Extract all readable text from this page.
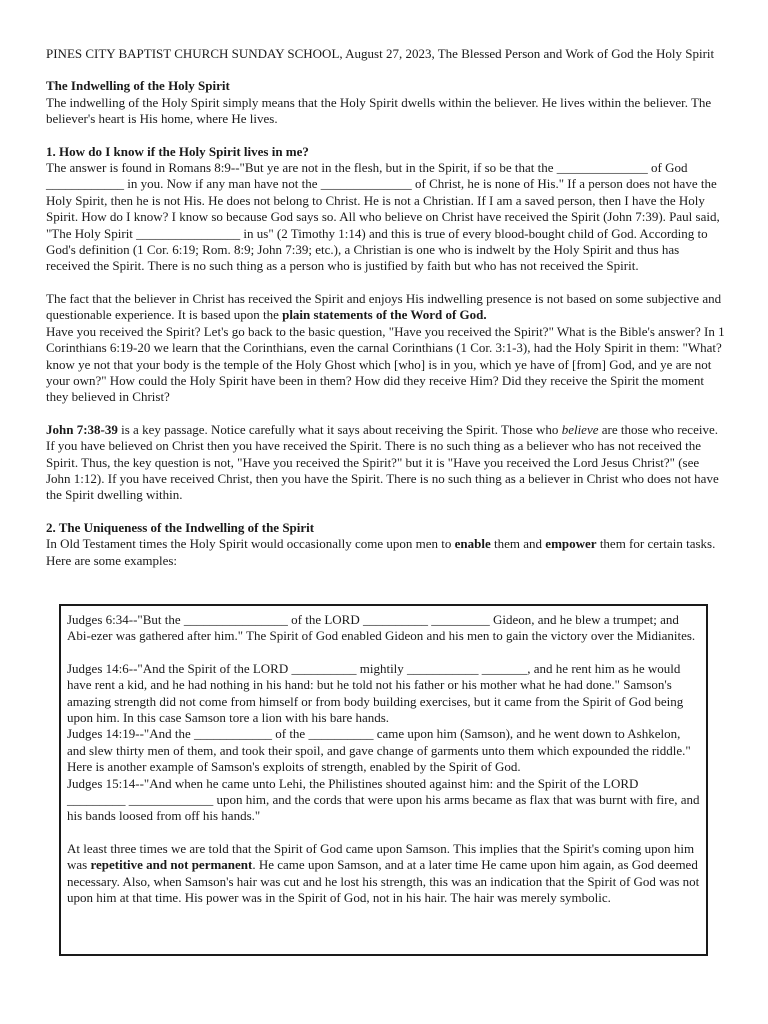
PINES CITY BAPTIST CHURCH SUNDAY SCHOOL, August 27, 2023, The Blessed Person and Work of God the Holy Spirit

The Indwelling of the Holy Spirit

The indwelling of the Holy Spirit simply means that the Holy Spirit dwells within the believer. He lives within the believer. The believer's heart is His home, where He lives.

1. How do I know if the Holy Spirit lives in me?

The answer is found in Romans 8:9--"But ye are not in the flesh, but in the Spirit, if so be that the ______________ of God ____________ in you. Now if any man have not the ______________ of Christ, he is none of His." If a person does not have the Holy Spirit, then he is not His. He does not belong to Christ. He is not a Christian. If I am a saved person, then I have the Holy Spirit. How do I know? I know so because God says so. All who believe on Christ have received the Spirit (John 7:39). Paul said, "The Holy Spirit ________________ in us" (2 Timothy 1:14) and this is true of every blood-bought child of God. According to God's definition (1 Cor. 6:19; Rom. 8:9; John 7:39; etc.), a Christian is one who is indwelt by the Holy Spirit and thus has received the Spirit. There is no such thing as a person who is justified by faith but who has not received the Spirit.

The fact that the believer in Christ has received the Spirit and enjoys His indwelling presence is not based on some subjective and questionable experience. It is based upon the plain statements of the Word of God.

Have you received the Spirit? Let's go back to the basic question, "Have you received the Spirit?" What is the Bible's answer? In 1 Corinthians 6:19-20 we learn that the Corinthians, even the carnal Corinthians (1 Cor. 3:1-3), had the Holy Spirit in them: "What? know ye not that your body is the temple of the Holy Ghost which [who] is in you, which ye have of [from] God, and ye are not your own?" How could the Holy Spirit have been in them? How did they receive Him? Did they receive the Spirit the moment they believed in Christ?

John 7:38-39 is a key passage. Notice carefully what it says about receiving the Spirit. Those who believe are those who receive. If you have believed on Christ then you have received the Spirit. There is no such thing as a believer who has not received the Spirit. Thus, the key question is not, "Have you received the Spirit?" but it is "Have you received the Lord Jesus Christ?" (see John 1:12). If you have received Christ, then you have the Spirit. There is no such thing as a believer in Christ who does not have the Spirit dwelling within.

2. The Uniqueness of the Indwelling of the Spirit

In Old Testament times the Holy Spirit would occasionally come upon men to enable them and empower them for certain tasks. Here are some examples:

Judges 6:34--"But the ________________ of the LORD __________ _________ Gideon, and he blew a trumpet; and Abi-ezer was gathered after him." The Spirit of God enabled Gideon and his men to gain the victory over the Midianites.

Judges 14:6--"And the Spirit of the LORD __________ mightily ___________ _______, and he rent him as he would have rent a kid, and he had nothing in his hand: but he told not his father or his mother what he had done." Samson's amazing strength did not come from himself or from body building exercises, but it came from the Spirit of God being upon him. In this case Samson tore a lion with his bare hands.

Judges 14:19--"And the ____________ of the __________ came upon him (Samson), and he went down to Ashkelon, and slew thirty men of them, and took their spoil, and gave change of garments unto them which expounded the riddle." Here is another example of Samson's exploits of strength, enabled by the Spirit of God.

Judges 15:14--"And when he came unto Lehi, the Philistines shouted against him: and the Spirit of the LORD _________ _____________ upon him, and the cords that were upon his arms became as flax that was burnt with fire, and his bands loosed from off his hands."

At least three times we are told that the Spirit of God came upon Samson. This implies that the Spirit's coming upon him was repetitive and not permanent. He came upon Samson, and at a later time He came upon him again, as God deemed necessary. Also, when Samson's hair was cut and he lost his strength, this was an indication that the Spirit of God was not upon him at that time. His power was in the Spirit of God, not in his hair. The hair was merely symbolic.
